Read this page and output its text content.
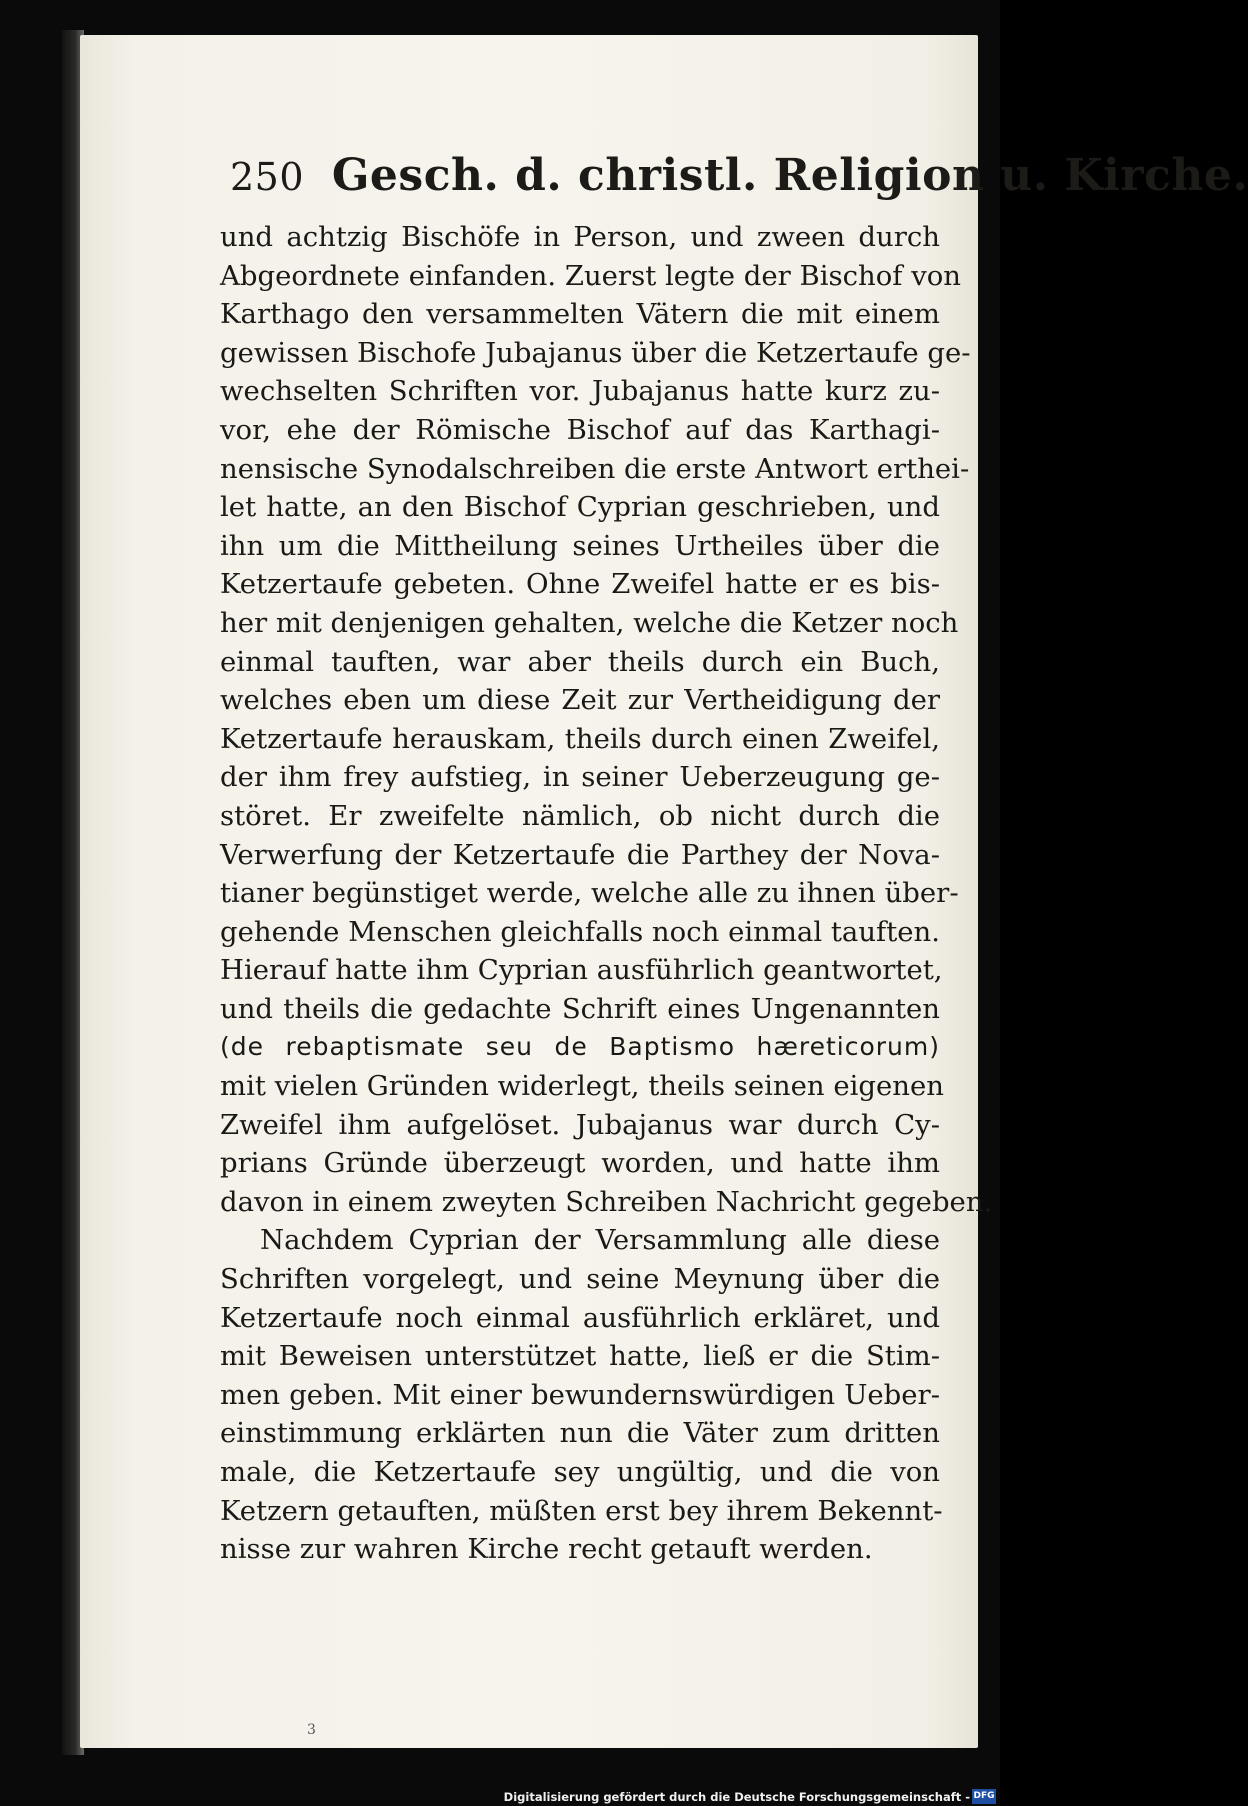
250 Gesch. d. christl. Religion u. Kirche.
und achtzig Bischöfe in Person, und zween durch
Abgeordnete einfanden. Zuerst legte der Bischof von
Karthago den versammelten Vätern die mit einem
gewissen Bischofe Jubajanus über die Ketzertaufe ge-
wechselten Schriften vor. Jubajanus hatte kurz zu-
vor, ehe der Römische Bischof auf das Karthagi-
nensische Synodalschreiben die erste Antwort erthei-
let hatte, an den Bischof Cyprian geschrieben, und
ihn um die Mittheilung seines Urtheiles über die
Ketzertaufe gebeten. Ohne Zweifel hatte er es bis-
her mit denjenigen gehalten, welche die Ketzer noch
einmal tauften, war aber theils durch ein Buch,
welches eben um diese Zeit zur Vertheidigung der
Ketzertaufe herauskam, theils durch einen Zweifel,
der ihm frey aufstieg, in seiner Ueberzeugung ge-
störet. Er zweifelte nämlich, ob nicht durch die
Verwerfung der Ketzertaufe die Parthey der Nova-
tianer begünstiget werde, welche alle zu ihnen über-
gehende Menschen gleichfalls noch einmal tauften.
Hierauf hatte ihm Cyprian ausführlich geantwortet,
und theils die gedachte Schrift eines Ungenannten
(de rebaptismate seu de Baptismo hæreticorum)
mit vielen Gründen widerlegt, theils seinen eigenen
Zweifel ihm aufgelöset. Jubajanus war durch Cy-
prians Gründe überzeugt worden, und hatte ihm
davon in einem zweyten Schreiben Nachricht gegeben.
Nachdem Cyprian der Versammlung alle diese
Schriften vorgelegt, und seine Meynung über die
Ketzertaufe noch einmal ausführlich erkläret, und
mit Beweisen unterstützet hatte, ließ er die Stim-
men geben. Mit einer bewundernswürdigen Ueber-
einstimmung erklärten nun die Väter zum dritten
male, die Ketzertaufe sey ungültig, und die von
Ketzern getauften, müßten erst bey ihrem Bekennt-
nisse zur wahren Kirche recht getauft werden.
3
Digitalisierung gefördert durch die Deutsche Forschungsgemeinschaft - DFG
